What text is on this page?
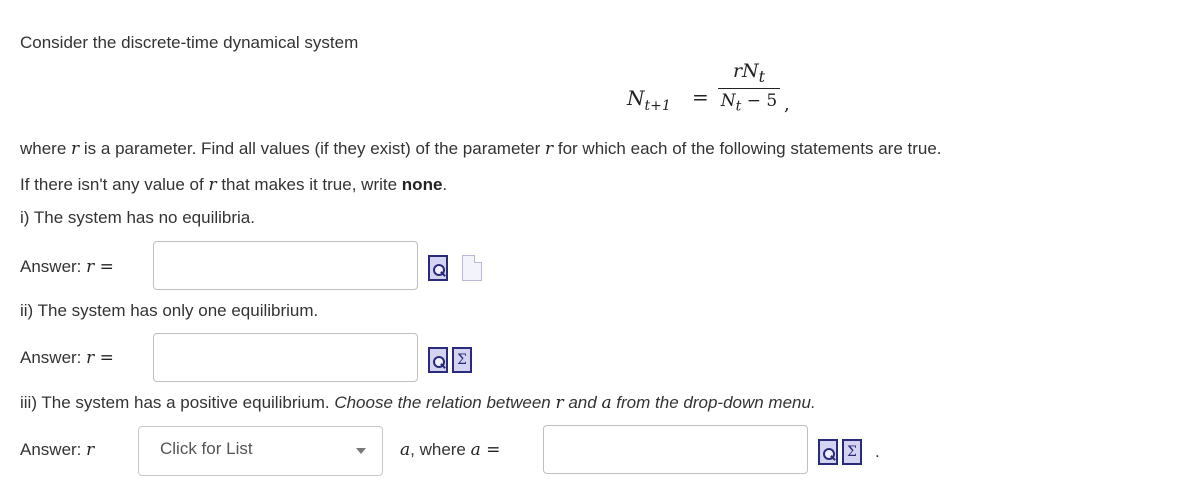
Consider the discrete-time dynamical system
$N_{t+1}$ =
$rN_t$
$N_t - 5$ ,
where r is a parameter. Find all values (if they exist) of the parameter r for which each of the following statements are true.
If there isn't any value of r that makes it true, write none.
i) The system has no equilibria.
Answer: r =
ii) The system has only one equilibrium.
Answer: r =	Σ
iii) The system has a positive equilibrium. Choose the relation between r and a from the drop-down menu.
Answer: r	Click for List	a, where a =	Σ .
